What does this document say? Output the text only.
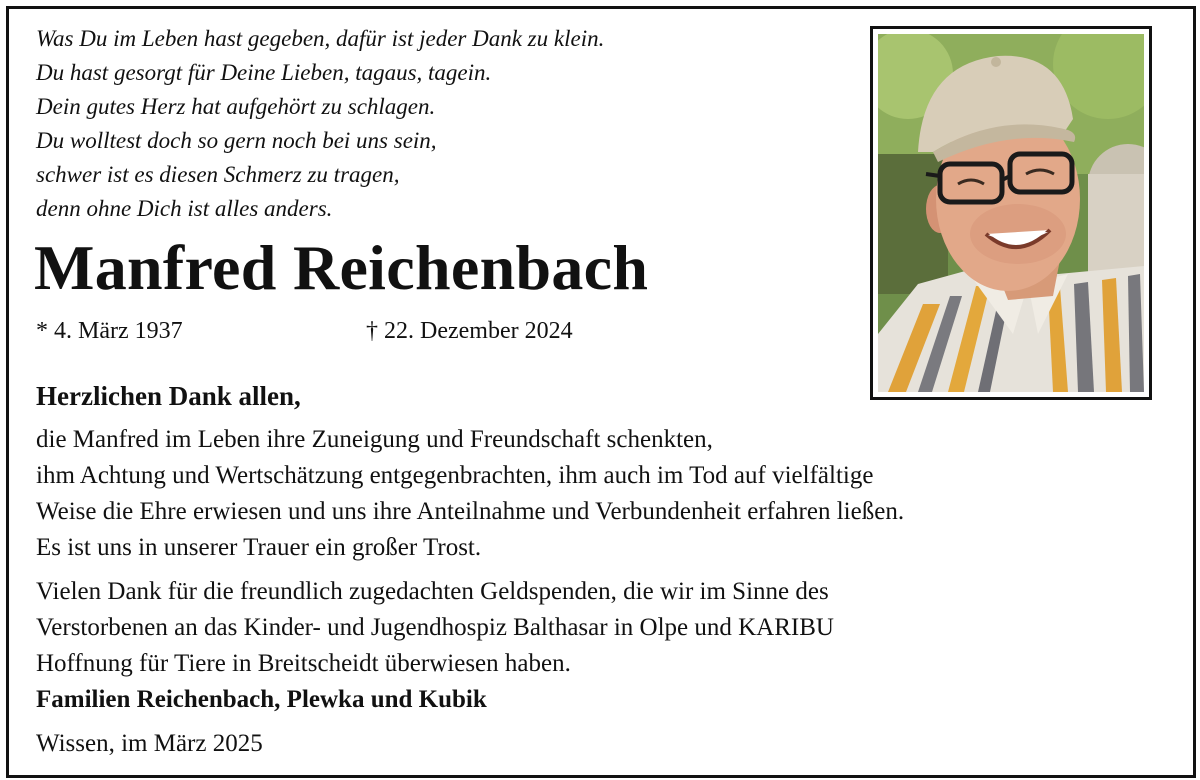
Was Du im Leben hast gegeben, dafür ist jeder Dank zu klein.
Du hast gesorgt für Deine Lieben, tagaus, tagein.
Dein gutes Herz hat aufgehört zu schlagen.
Du wolltest doch so gern noch bei uns sein,
schwer ist es diesen Schmerz zu tragen,
denn ohne Dich ist alles anders.
Manfred Reichenbach
* 4. März 1937	† 22. Dezember 2024
Herzlichen Dank allen,
die Manfred im Leben ihre Zuneigung und Freundschaft schenkten,
ihm Achtung und Wertschätzung entgegenbrachten, ihm auch im Tod auf vielfältige
Weise die Ehre erwiesen und uns ihre Anteilnahme und Verbundenheit erfahren ließen.
Es ist uns in unserer Trauer ein großer Trost.
Vielen Dank für die freundlich zugedachten Geldspenden, die wir im Sinne des
Verstorbenen an das Kinder- und Jugendhospiz Balthasar in Olpe und KARIBU
Hoffnung für Tiere in Breitscheidt überwiesen haben.
Familien Reichenbach, Plewka und Kubik
Wissen, im März 2025
